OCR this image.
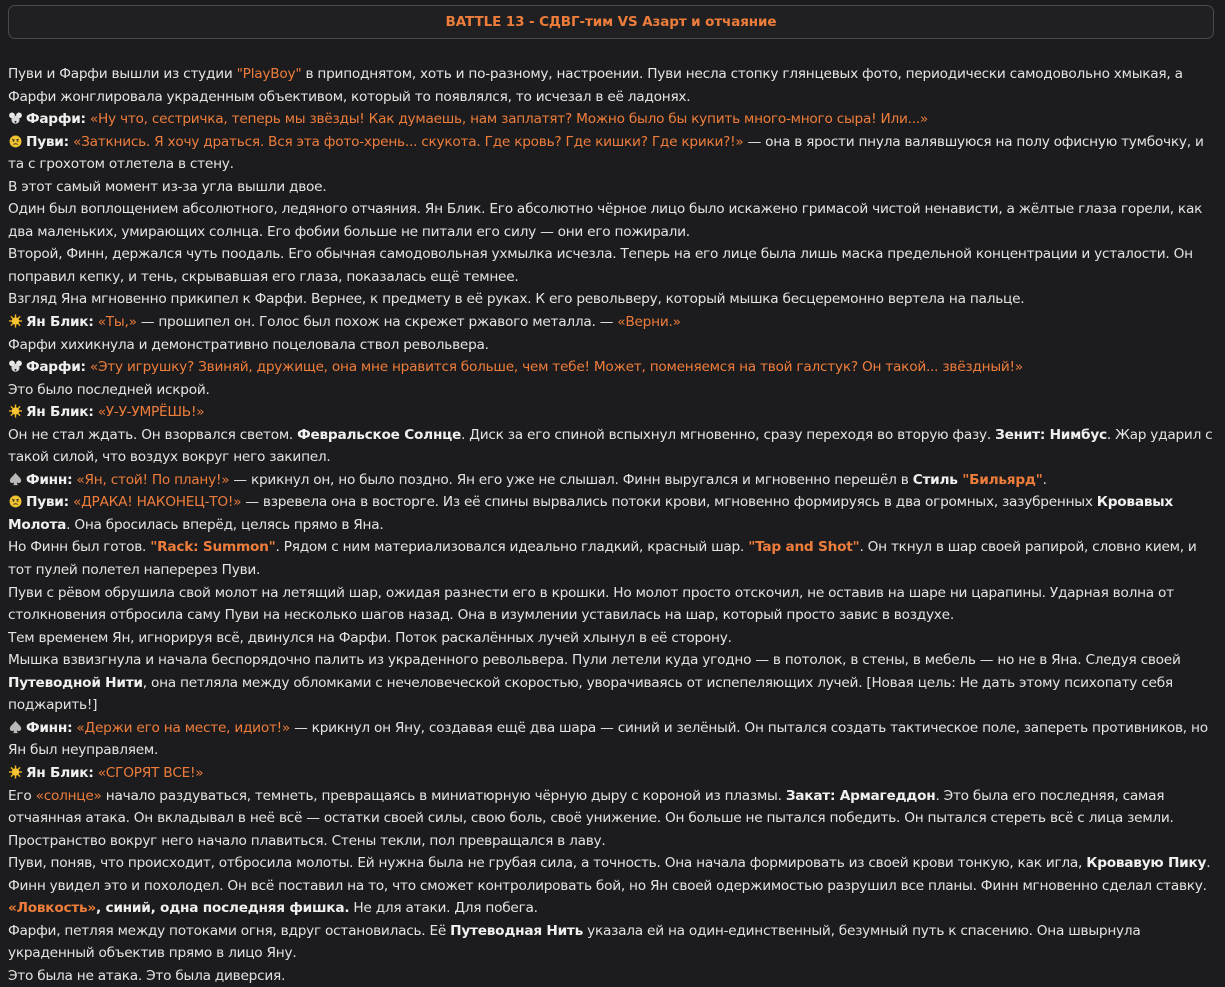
BATTLE 13 - СДВГ-тим VS Азарт и отчаяние

Пуви и Фарфи вышли из студии "PlayBoy" в приподнятом, хоть и по-разному, настроении. Пуви несла стопку глянцевых фото, периодически самодовольно хмыкая, а Фарфи жонглировала украденным объективом, который то появлялся, то исчезал в её ладонях.

Фарфи: «Ну что, сестричка, теперь мы звёзды! Как думаешь, нам заплатят? Можно было бы купить много-много сыра! Или...»

Пуви: «Заткнись. Я хочу драться. Вся эта фото-хрень... скукота. Где кровь? Где кишки? Где крики?!» — она в ярости пнула валявшуюся на полу офисную тумбочку, и та с грохотом отлетела в стену.

В этот самый момент из-за угла вышли двое.

Один был воплощением абсолютного, ледяного отчаяния. Ян Блик. Его абсолютно чёрное лицо было искажено гримасой чистой ненависти, а жёлтые глаза горели, как два маленьких, умирающих солнца. Его фобии больше не питали его силу — они его пожирали.

Второй, Финн, держался чуть поодаль. Его обычная самодовольная ухмылка исчезла. Теперь на его лице была лишь маска предельной концентрации и усталости. Он поправил кепку, и тень, скрывавшая его глаза, показалась ещё темнее.

Взгляд Яна мгновенно прикипел к Фарфи. Вернее, к предмету в её руках. К его револьверу, который мышка бесцеремонно вертела на пальце.

Ян Блик: «Ты,» — прошипел он. Голос был похож на скрежет ржавого металла. — «Верни.»

Фарфи хихикнула и демонстративно поцеловала ствол револьвера.

Фарфи: «Эту игрушку? Звиняй, дружище, она мне нравится больше, чем тебе! Может, поменяемся на твой галстук? Он такой... звёздный!»

Это было последней искрой.

Ян Блик: «У-У-УМРЁШЬ!»

Он не стал ждать. Он взорвался светом. Февральское Солнце. Диск за его спиной вспыхнул мгновенно, сразу переходя во вторую фазу. Зенит: Нимбус. Жар ударил с такой силой, что воздух вокруг него закипел.

Финн: «Ян, стой! По плану!» — крикнул он, но было поздно. Ян его уже не слышал. Финн выругался и мгновенно перешёл в Стиль "Бильярд".

Пуви: «ДРАКА! НАКОНЕЦ-ТО!» — взревела она в восторге. Из её спины вырвались потоки крови, мгновенно формируясь в два огромных, зазубренных Кровавых Молота. Она бросилась вперёд, целясь прямо в Яна.

Но Финн был готов. "Rack: Summon". Рядом с ним материализовался идеально гладкий, красный шар. "Tap and Shot". Он ткнул в шар своей рапирой, словно кием, и тот пулей полетел наперерез Пуви.

Пуви с рёвом обрушила свой молот на летящий шар, ожидая разнести его в крошки. Но молот просто отскочил, не оставив на шаре ни царапины. Ударная волна от столкновения отбросила саму Пуви на несколько шагов назад. Она в изумлении уставилась на шар, который просто завис в воздухе.

Тем временем Ян, игнорируя всё, двинулся на Фарфи. Поток раскалённых лучей хлынул в её сторону.

Мышка взвизгнула и начала беспорядочно палить из украденного револьвера. Пули летели куда угодно — в потолок, в стены, в мебель — но не в Яна. Следуя своей Путеводной Нити, она петляла между обломками с нечеловеческой скоростью, уворачиваясь от испепеляющих лучей. [Новая цель: Не дать этому психопату себя поджарить!]

Финн: «Держи его на месте, идиот!» — крикнул он Яну, создавая ещё два шара — синий и зелёный. Он пытался создать тактическое поле, запереть противников, но Ян был неуправляем.

Ян Блик: «СГОРЯТ ВСЕ!»

Его «солнце» начало раздуваться, темнеть, превращаясь в миниатюрную чёрную дыру с короной из плазмы. Закат: Армагеддон. Это была его последняя, самая отчаянная атака. Он вкладывал в неё всё — остатки своей силы, свою боль, своё унижение. Он больше не пытался победить. Он пытался стереть всё с лица земли.

Пространство вокруг него начало плавиться. Стены текли, пол превращался в лаву.

Пуви, поняв, что происходит, отбросила молоты. Ей нужна была не грубая сила, а точность. Она начала формировать из своей крови тонкую, как игла, Кровавую Пику.

Финн увидел это и похолодел. Он всё поставил на то, что сможет контролировать бой, но Ян своей одержимостью разрушил все планы. Финн мгновенно сделал ставку.

«Ловкость», синий, одна последняя фишка. Не для атаки. Для побега.

Фарфи, петляя между потоками огня, вдруг остановилась. Её Путеводная Нить указала ей на один-единственный, безумный путь к спасению. Она швырнула украденный объектив прямо в лицо Яну.

Это была не атака. Это была диверсия.
